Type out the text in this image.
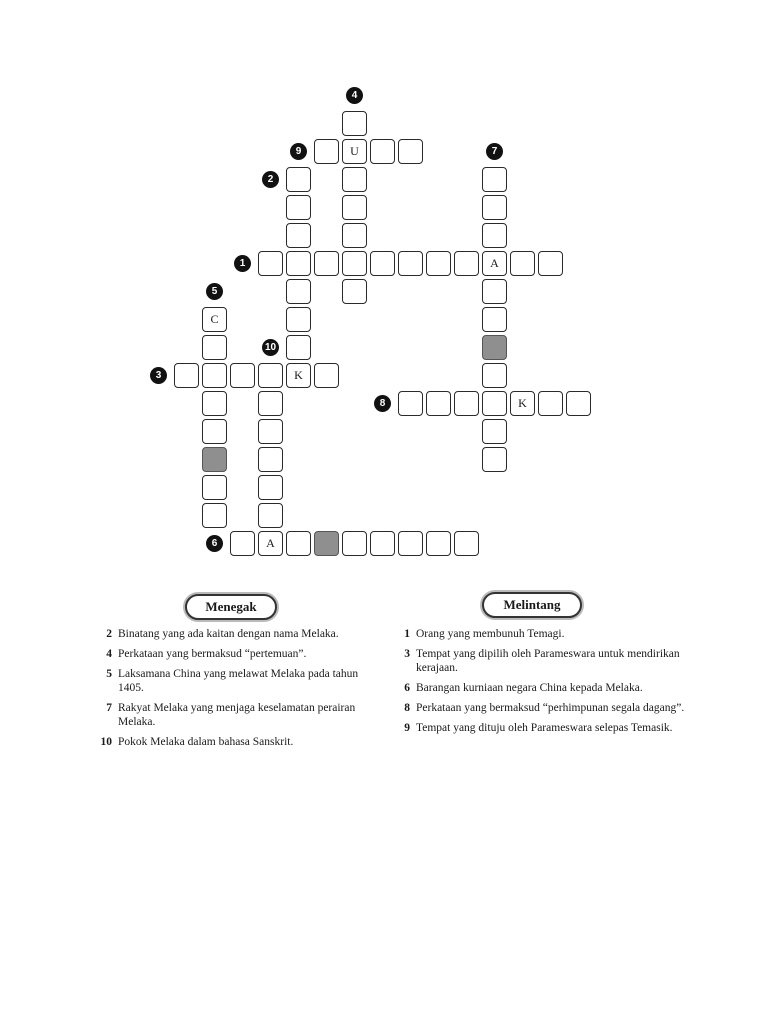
U
A
C
K
K
A
4
9
2
7
1
5
10
3
8
6
Menegak	Melintang
2 Binatang yang ada kaitan dengan nama Melaka.
4 Perkataan yang bermaksud “pertemuan”.
5 Laksamana China yang melawat Melaka pada tahun 1405.
7 Rakyat Melaka yang menjaga keselamatan perairan Melaka.
10 Pokok Melaka dalam bahasa Sanskrit.
1 Orang yang membunuh Temagi.
3 Tempat yang dipilih oleh Parameswara untuk mendirikan kerajaan.
6 Barangan kurniaan negara China kepada Melaka.
8 Perkataan yang bermaksud “perhimpunan segala dagang”.
9 Tempat yang dituju oleh Parameswara selepas Temasik.
